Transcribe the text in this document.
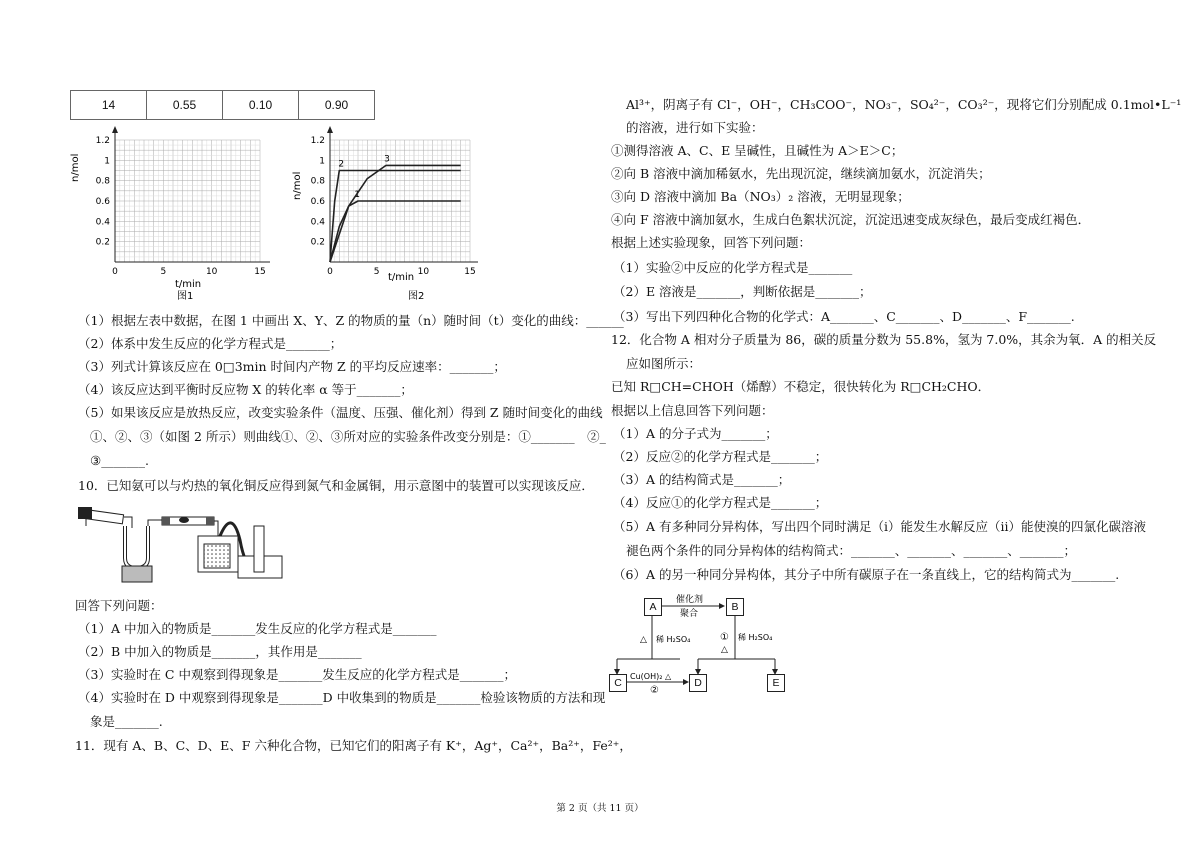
14	0.55	0.10	0.90
1.2
1
0.8
0.6
0.4
0.2
0	5	10	15
n/mol
t/min
图1
1.2
1
0.8
0.6
0.4
0.2
0	5	10	15
1
2
3
n/mol
t/min
图2
（1）根据左表中数据，在图 1 中画出 X、Y、Z 的物质的量（n）随时间（t）变化的曲线：______
（2）体系中发生反应的化学方程式是_______；
（3）列式计算该反应在 0□3min 时间内产物 Z 的平均反应速率：_______；
（4）该反应达到平衡时反应物 X 的转化率 α 等于_______；
（5）如果该反应是放热反应，改变实验条件（温度、压强、催化剂）得到 Z 随时间变化的曲线
①、②、③（如图 2 所示）则曲线①、②、③所对应的实验条件改变分别是：①_______　②_
③_______.
10．已知氨可以与灼热的氧化铜反应得到氮气和金属铜，用示意图中的装置可以实现该反应．
回答下列问题：
（1）A 中加入的物质是_______发生反应的化学方程式是_______
（2）B 中加入的物质是_______，其作用是_______
（3）实验时在 C 中观察到得现象是_______发生反应的化学方程式是_______；
（4）实验时在 D 中观察到得现象是_______D 中收集到的物质是_______检验该物质的方法和现
象是_______.
11．现有 A、B、C、D、E、F 六种化合物，已知它们的阳离子有 K⁺，Ag⁺，Ca²⁺，Ba²⁺，Fe²⁺，
Al³⁺，阴离子有 Cl⁻，OH⁻，CH₃COO⁻，NO₃⁻，SO₄²⁻，CO₃²⁻，现将它们分别配成 0.1mol•L⁻¹
的溶液，进行如下实验：
①测得溶液 A、C、E 呈碱性，且碱性为 A＞E＞C；
②向 B 溶液中滴加稀氨水，先出现沉淀，继续滴加氨水，沉淀消失；
③向 D 溶液中滴加 Ba（NO₃）₂ 溶液，无明显现象；
④向 F 溶液中滴加氨水，生成白色絮状沉淀，沉淀迅速变成灰绿色，最后变成红褐色．
根据上述实验现象，回答下列问题：
（1）实验②中反应的化学方程式是_______
（2）E 溶液是_______，判断依据是_______；
（3）写出下列四种化合物的化学式：A_______、C_______、D_______、F_______.
12．化合物 A 相对分子质量为 86，碳的质量分数为 55.8%，氢为 7.0%，其余为氧．A 的相关反
应如图所示：
已知 R□CH=CHOH（烯醇）不稳定，很快转化为 R□CH₂CHO．
根据以上信息回答下列问题：
（1）A 的分子式为_______；
（2）反应②的化学方程式是_______；
（3）A 的结构简式是_______；
（4）反应①的化学方程式是_______；
（5）A 有多种同分异构体，写出四个同时满足（i）能发生水解反应（ii）能使溴的四氯化碳溶液
褪色两个条件的同分异构体的结构简式：_______、_______、_______、_______；
（6）A 的另一种同分异构体，其分子中所有碳原子在一条直线上，它的结构简式为_______.
催化剂
聚合
△ 稀 H₂SO₄	① 稀 H₂SO₄
△
Cu(OH)₂ △
②
A	B
C	D	E
第 2 页（共 11 页）
